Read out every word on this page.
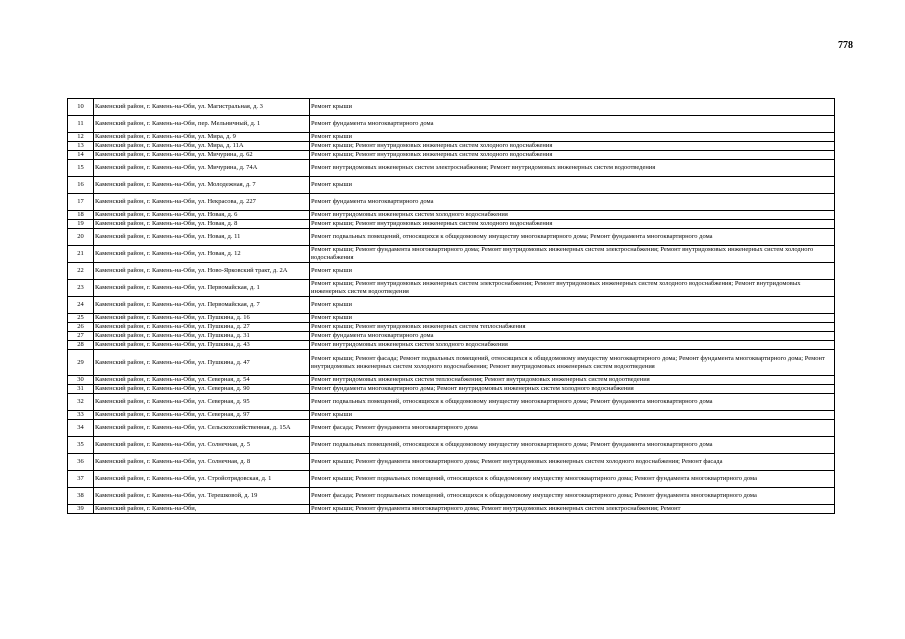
778
10	Каменский район, г. Камень-на-Оби, ул. Магистральная, д. 3	Ремонт крыши
11	Каменский район, г. Камень-на-Оби, пер. Мельничный, д. 1	Ремонт фундамента многоквартирного дома
12	Каменский район, г. Камень-на-Оби, ул. Мира, д. 9	Ремонт крыши
13	Каменский район, г. Камень-на-Оби, ул. Мира, д. 11А	Ремонт крыши; Ремонт внутридомовых инженерных систем холодного водоснабжения
14	Каменский район, г. Камень-на-Оби, ул. Мичурина, д. 62	Ремонт крыши; Ремонт внутридомовых инженерных систем холодного водоснабжения
15	Каменский район, г. Камень-на-Оби, ул. Мичурина, д. 74А	Ремонт внутридомовых инженерных систем электроснабжения; Ремонт внутридомовых инженерных систем водоотведения
16	Каменский район, г. Камень-на-Оби, ул. Молодежная, д. 7	Ремонт крыши
17	Каменский район, г. Камень-на-Оби, ул. Некрасова, д. 227	Ремонт фундамента многоквартирного дома
18	Каменский район, г. Камень-на-Оби, ул. Новая, д. 6	Ремонт внутридомовых инженерных систем холодного водоснабжения
19	Каменский район, г. Камень-на-Оби, ул. Новая, д. 8	Ремонт крыши; Ремонт внутридомовых инженерных систем холодного водоснабжения
20	Каменский район, г. Камень-на-Оби, ул. Новая, д. 11	Ремонт подвальных помещений, относящихся к общедомовому имуществу многоквартирного дома; Ремонт фундамента многоквартирного дома
21	Каменский район, г. Камень-на-Оби, ул. Новая, д. 12	Ремонт крыши; Ремонт фундамента многоквартирного дома; Ремонт внутридомовых инженерных систем электроснабжения; Ремонт внутридомовых инженерных систем холодного водоснабжения
22	Каменский район, г. Камень-на-Оби, ул. Ново-Ярковский тракт, д. 2А	Ремонт крыши
23	Каменский район, г. Камень-на-Оби, ул. Первомайская, д. 1	Ремонт крыши; Ремонт внутридомовых инженерных систем электроснабжения; Ремонт внутридомовых инженерных систем холодного водоснабжения; Ремонт внутридомовых инженерных систем водоотведения
24	Каменский район, г. Камень-на-Оби, ул. Первомайская, д. 7	Ремонт крыши
25	Каменский район, г. Камень-на-Оби, ул. Пушкина, д. 16	Ремонт крыши
26	Каменский район, г. Камень-на-Оби, ул. Пушкина, д. 27	Ремонт крыши; Ремонт внутридомовых инженерных систем теплоснабжения
27	Каменский район, г. Камень-на-Оби, ул. Пушкина, д. 31	Ремонт фундамента многоквартирного дома
28	Каменский район, г. Камень-на-Оби, ул. Пушкина, д. 43	Ремонт внутридомовых инженерных систем холодного водоснабжения
29	Каменский район, г. Камень-на-Оби, ул. Пушкина, д. 47	Ремонт крыши; Ремонт фасада; Ремонт подвальных помещений, относящихся к общедомовому имуществу многоквартирного дома; Ремонт фундамента многоквартирного дома; Ремонт внутридомовых инженерных систем холодного водоснабжения; Ремонт внутридомовых инженерных систем водоотведения
30	Каменский район, г. Камень-на-Оби, ул. Северная, д. 54	Ремонт внутридомовых инженерных систем теплоснабжения; Ремонт внутридомовых инженерных систем водоотведения
31	Каменский район, г. Камень-на-Оби, ул. Северная, д. 90	Ремонт фундамента многоквартирного дома; Ремонт внутридомовых инженерных систем холодного водоснабжения
32	Каменский район, г. Камень-на-Оби, ул. Северная, д. 95	Ремонт подвальных помещений, относящихся к общедомовому имуществу многоквартирного дома; Ремонт фундамента многоквартирного дома
33	Каменский район, г. Камень-на-Оби, ул. Северная, д. 97	Ремонт крыши
34	Каменский район, г. Камень-на-Оби, ул. Сельскохозяйственная, д. 15А	Ремонт фасада; Ремонт фундамента многоквартирного дома
35	Каменский район, г. Камень-на-Оби, ул. Солнечная, д. 5	Ремонт подвальных помещений, относящихся к общедомовому имуществу многоквартирного дома; Ремонт фундамента многоквартирного дома
36	Каменский район, г. Камень-на-Оби, ул. Солнечная, д. 8	Ремонт крыши; Ремонт фундамента многоквартирного дома; Ремонт внутридомовых инженерных систем холодного водоснабжения; Ремонт фасада
37	Каменский район, г. Камень-на-Оби, ул. Стройотрядовская, д. 1	Ремонт крыши; Ремонт подвальных помещений, относящихся к общедомовому имуществу многоквартирного дома; Ремонт фундамента многоквартирного дома
38	Каменский район, г. Камень-на-Оби, ул. Терешковой, д. 19	Ремонт фасада; Ремонт подвальных помещений, относящихся к общедомовому имуществу многоквартирного дома; Ремонт фундамента многоквартирного дома
39	Каменский район, г. Камень-на-Оби,	Ремонт крыши; Ремонт фундамента многоквартирного дома; Ремонт внутридомовых инженерных систем электроснабжения; Ремонт
